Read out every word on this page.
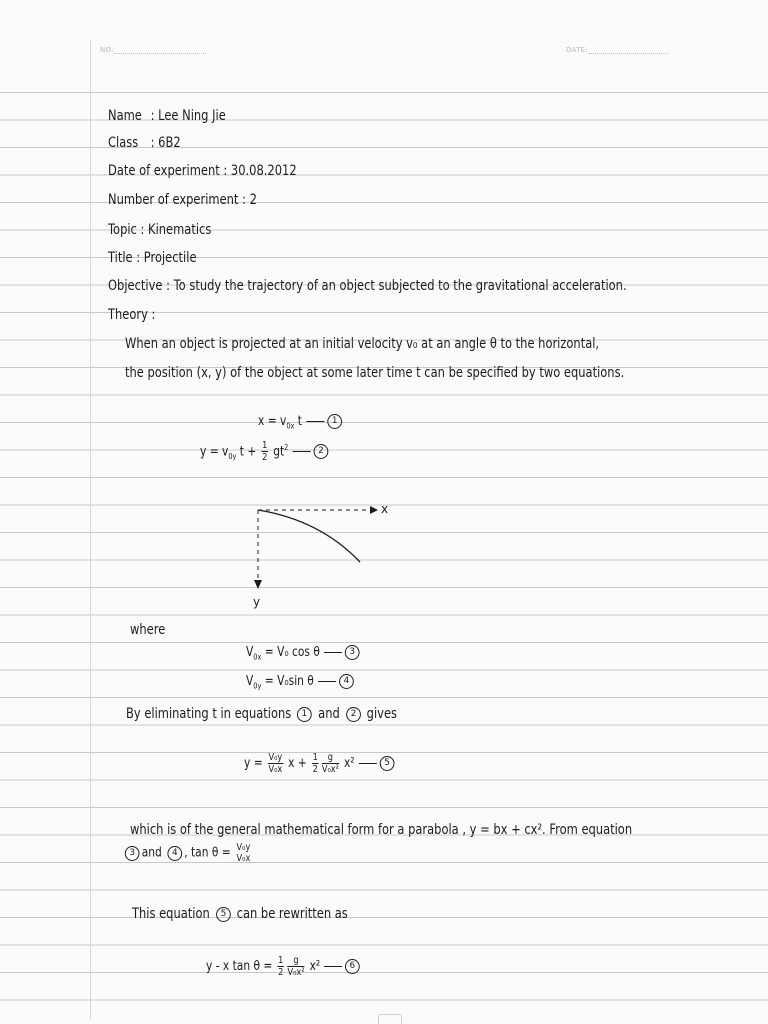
NO:	DATE:
Name : Lee Ning Jie
Class : 6B2
Date of experiment : 30.08.2012
Number of experiment : 2
Topic : Kinematics
Title : Projectile
Objective : To study the trajectory of an object subjected to the gravitational acceleration.
Theory :
When an object is projected at an initial velocity v₀ at an angle θ to the horizontal,
the position (x, y) of the object at some later time t can be specified by two equations.
$x = v_{0x}$ t	1
$y = v_{0y}$ $t + \frac{1}{2} gt^2$	2
x
y
where
$V_{0x} = V_0$ cos θ	3
$V_{0y} = V_0\sin$ θ	4
By eliminating t in equations 1 and 2 gives
$y = \frac{\text{V₀y}}{\text{V₀x}}$ $x + \frac{1}{2} \frac{g}{\text{V₀x²}} x^2$	5
which is of the general mathematical form for a parabola , y = bx + cx². From equation
3 and 4 , tan θ = V₀y
V₀x
This equation 5 can be rewritten as
y - x $\tan \theta = \frac{1}{2} \frac{g}{\text{V₀x²}} x^2$	6
